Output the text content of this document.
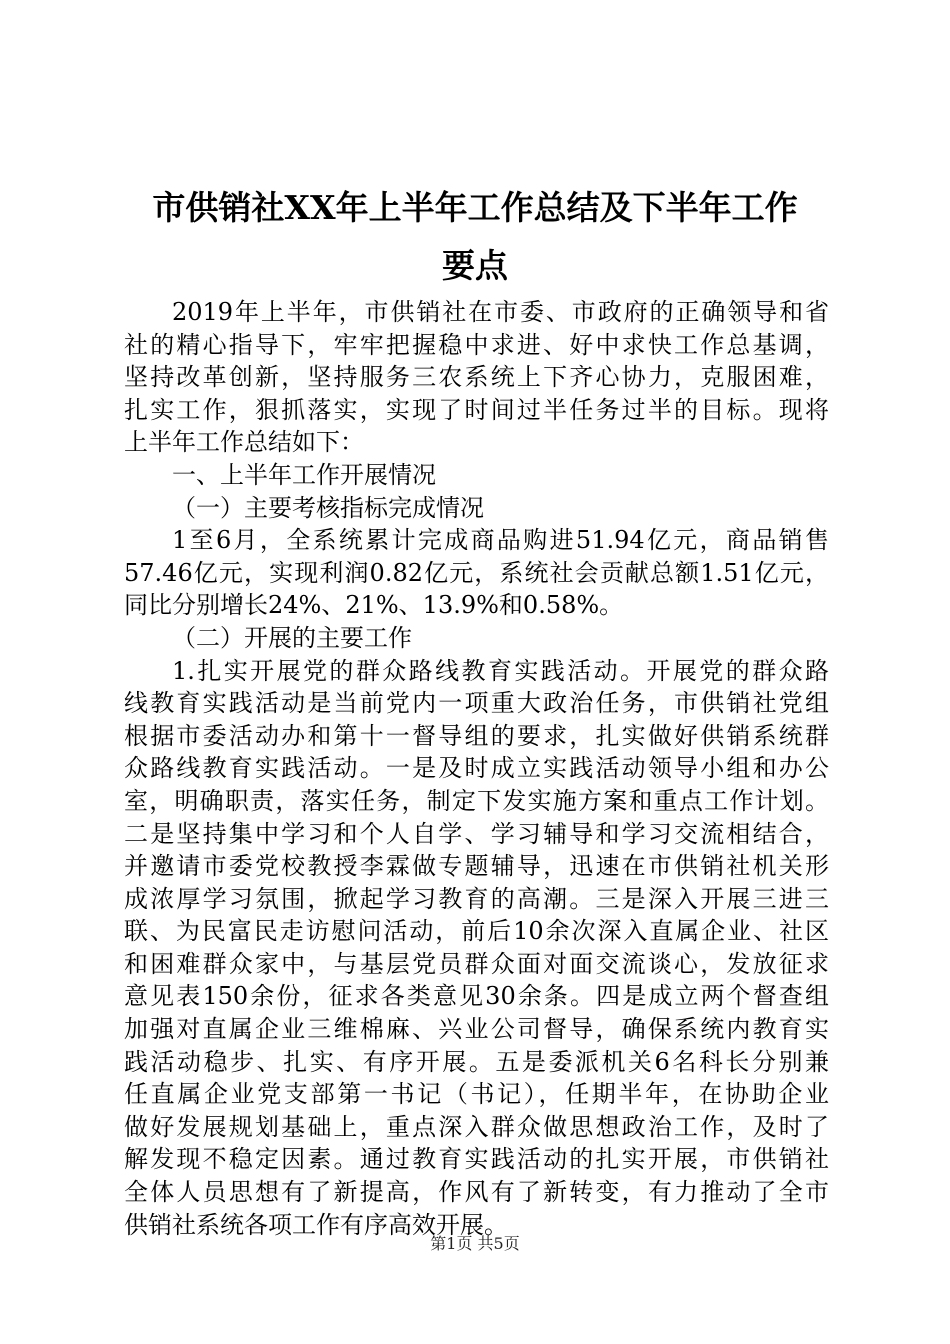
市供销社XX年上半年工作总结及下半年工作
要点
2019年上半年，市供销社在市委、市政府的正确领导和省
社的精心指导下，牢牢把握稳中求进、好中求快工作总基调，
坚持改革创新，坚持服务三农系统上下齐心协力，克服困难，
扎实工作，狠抓落实，实现了时间过半任务过半的目标。现将
上半年工作总结如下：
一、上半年工作开展情况
（一）主要考核指标完成情况
1至6月，全系统累计完成商品购进51.94亿元，商品销售
57.46亿元，实现利润0.82亿元，系统社会贡献总额1.51亿元，
同比分别增长24%、21%、13.9%和0.58%。
（二）开展的主要工作
1.扎实开展党的群众路线教育实践活动。开展党的群众路
线教育实践活动是当前党内一项重大政治任务，市供销社党组
根据市委活动办和第十一督导组的要求，扎实做好供销系统群
众路线教育实践活动。一是及时成立实践活动领导小组和办公
室，明确职责，落实任务，制定下发实施方案和重点工作计划。
二是坚持集中学习和个人自学、学习辅导和学习交流相结合，
并邀请市委党校教授李霖做专题辅导，迅速在市供销社机关形
成浓厚学习氛围，掀起学习教育的高潮。三是深入开展三进三
联、为民富民走访慰问活动，前后10余次深入直属企业、社区
和困难群众家中，与基层党员群众面对面交流谈心，发放征求
意见表150余份，征求各类意见30余条。四是成立两个督查组
加强对直属企业三维棉麻、兴业公司督导，确保系统内教育实
践活动稳步、扎实、有序开展。五是委派机关6名科长分别兼
任直属企业党支部第一书记（书记），任期半年，在协助企业
做好发展规划基础上，重点深入群众做思想政治工作，及时了
解发现不稳定因素。通过教育实践活动的扎实开展，市供销社
全体人员思想有了新提高，作风有了新转变，有力推动了全市
供销社系统各项工作有序高效开展。
第1页 共5页
